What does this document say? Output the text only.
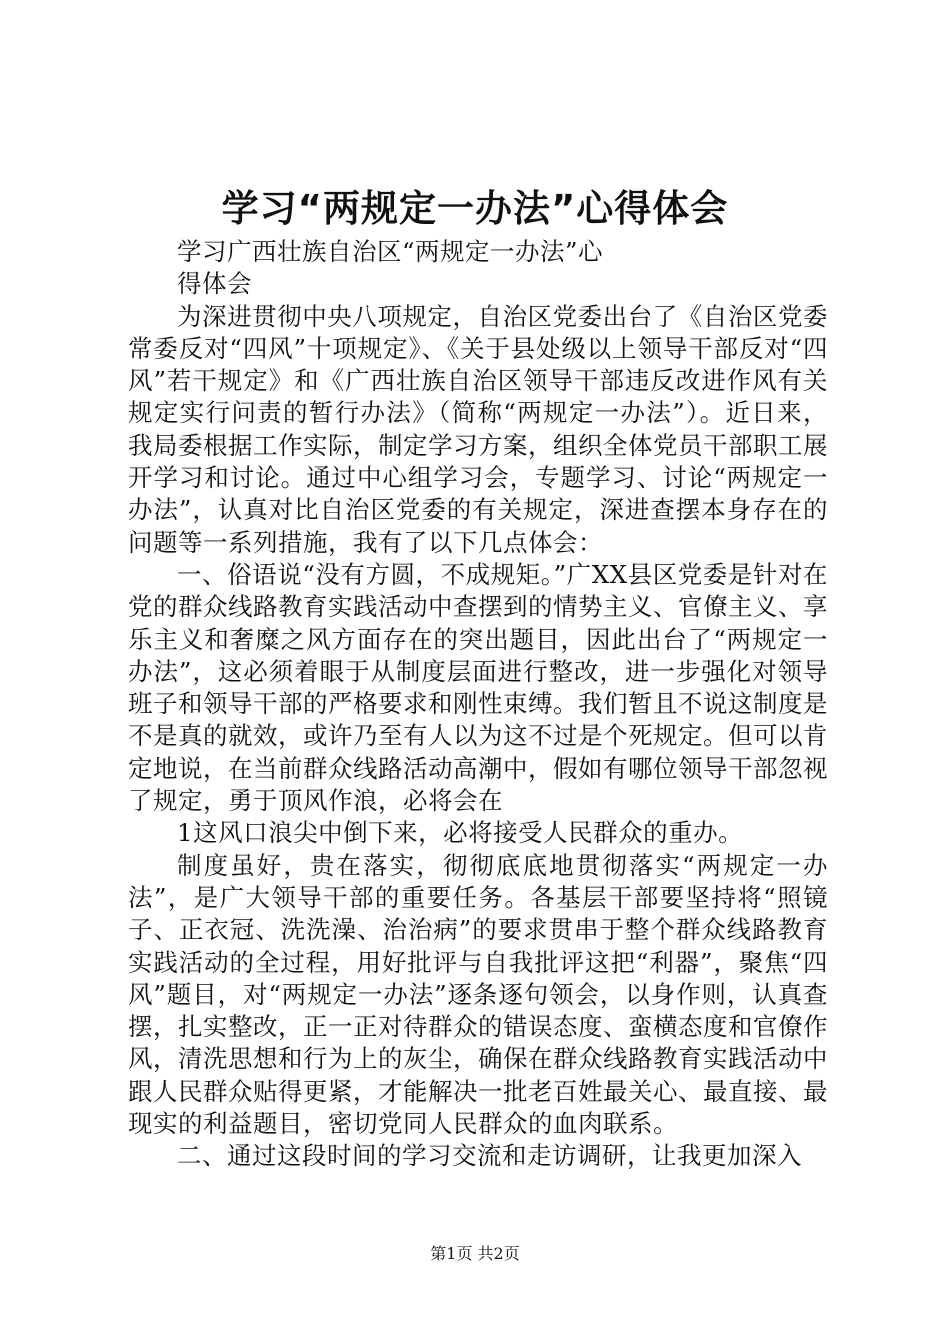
学习“两规定一办法”心得体会

学习广西壮族自治区“两规定一办法”心

得体会

为深进贯彻中央八项规定，自治区党委出台了《自治区党委常委反对“四风”十项规定》、《关于县处级以上领导干部反对“四风”若干规定》和《广西壮族自治区领导干部违反改进作风有关规定实行问责的暂行办法》（简称“两规定一办法”）。近日来，我局委根据工作实际，制定学习方案，组织全体党员干部职工展开学习和讨论。通过中心组学习会，专题学习、讨论“两规定一办法”，认真对比自治区党委的有关规定，深进查摆本身存在的问题等一系列措施，我有了以下几点体会：

一、俗语说“没有方圆，不成规矩。”广XX县区党委是针对在党的群众线路教育实践活动中查摆到的情势主义、官僚主义、享乐主义和奢糜之风方面存在的突出题目，因此出台了“两规定一办法”，这必须着眼于从制度层面进行整改，进一步强化对领导班子和领导干部的严格要求和刚性束缚。我们暂且不说这制度是不是真的就效，或许乃至有人以为这不过是个死规定。但可以肯定地说，在当前群众线路活动高潮中，假如有哪位领导干部忽视了规定，勇于顶风作浪，必将会在

1这风口浪尖中倒下来，必将接受人民群众的重办。

制度虽好，贵在落实，彻彻底底地贯彻落实“两规定一办法”，是广大领导干部的重要任务。各基层干部要坚持将“照镜子、正衣冠、洗洗澡、治治病”的要求贯串于整个群众线路教育实践活动的全过程，用好批评与自我批评这把“利器”，聚焦“四风”题目，对“两规定一办法”逐条逐句领会，以身作则，认真查摆，扎实整改，正一正对待群众的错误态度、蛮横态度和官僚作风，清洗思想和行为上的灰尘，确保在群众线路教育实践活动中跟人民群众贴得更紧，才能解决一批老百姓最关心、最直接、最现实的利益题目，密切党同人民群众的血肉联系。

二、通过这段时间的学习交流和走访调研，让我更加深入

第1页 共2页
